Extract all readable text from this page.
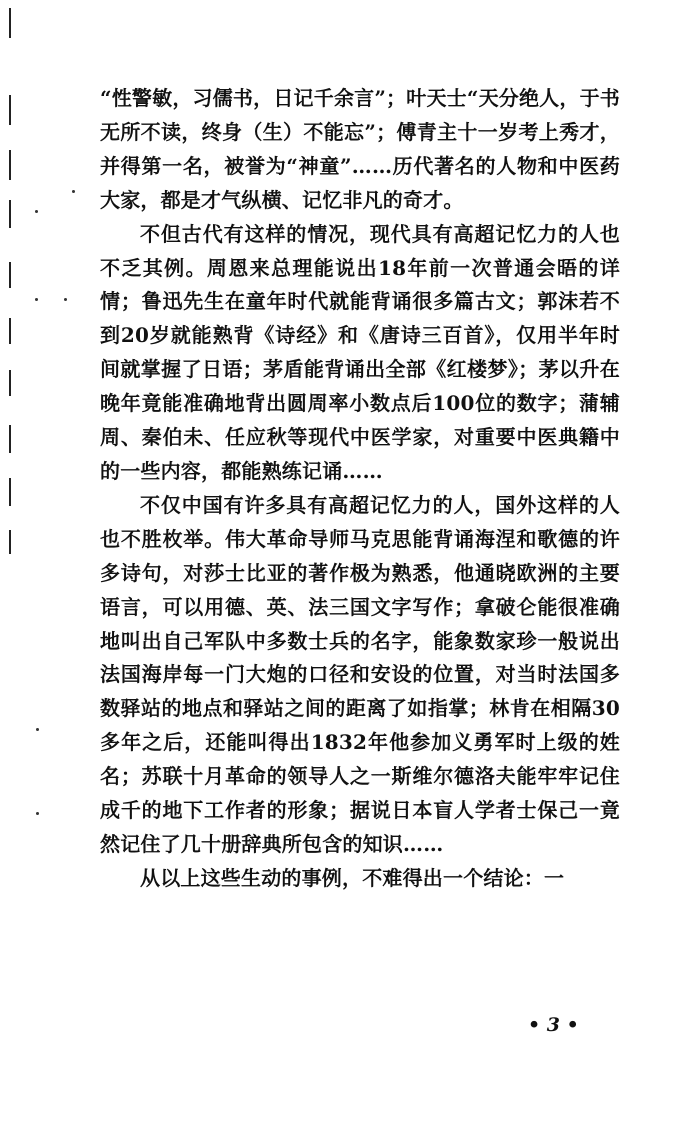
“性警敏，习儒书，日记千余言”；叶天士“天分绝人，于书无所不读，终身（生）不能忘”；傅青主十一岁考上秀才，并得第一名，被誉为“神童”……历代著名的人物和中医药大家，都是才气纵横、记忆非凡的奇才。

不但古代有这样的情况，现代具有高超记忆力的人也不乏其例。周恩来总理能说出18年前一次普通会晤的详情；鲁迅先生在童年时代就能背诵很多篇古文；郭沫若不到20岁就能熟背《诗经》和《唐诗三百首》，仅用半年时间就掌握了日语；茅盾能背诵出全部《红楼梦》；茅以升在晚年竟能准确地背出圆周率小数点后100位的数字；蒲辅周、秦伯未、任应秋等现代中医学家，对重要中医典籍中的一些内容，都能熟练记诵……

不仅中国有许多具有高超记忆力的人，国外这样的人也不胜枚举。伟大革命导师马克思能背诵海涅和歌德的许多诗句，对莎士比亚的著作极为熟悉，他通晓欧洲的主要语言，可以用德、英、法三国文字写作；拿破仑能很准确地叫出自己军队中多数士兵的名字，能象数家珍一般说出法国海岸每一门大炮的口径和安设的位置，对当时法国多数驿站的地点和驿站之间的距离了如指掌；林肯在相隔30多年之后，还能叫得出1832年他参加义勇军时上级的姓名；苏联十月革命的领导人之一斯维尔德洛夫能牢牢记住成千的地下工作者的形象；据说日本盲人学者士保己一竟然记住了几十册辞典所包含的知识……

从以上这些生动的事例，不难得出一个结论：一

• 3 •
